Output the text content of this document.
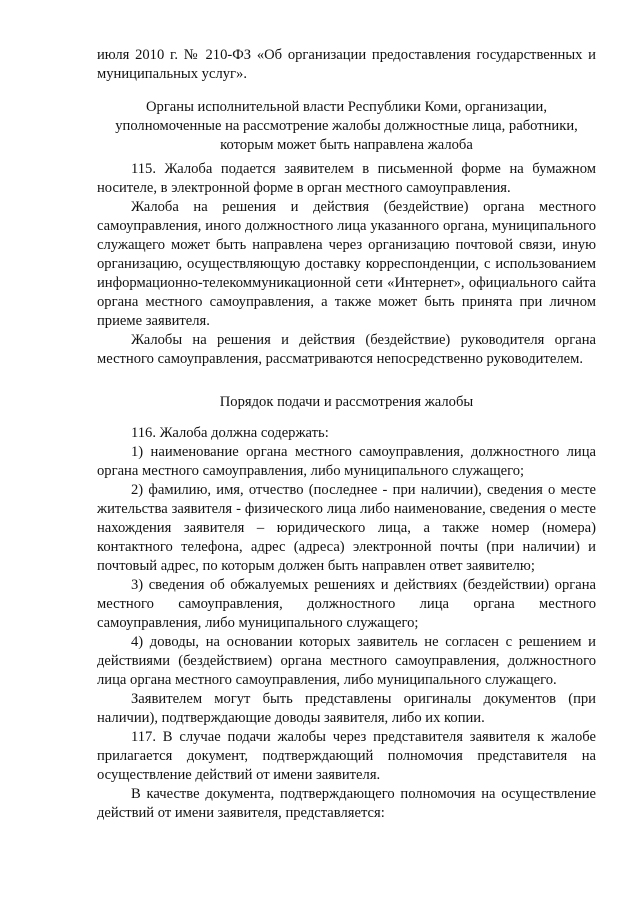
июля 2010 г. № 210-ФЗ «Об организации предоставления государственных и муниципальных услуг».

Органы исполнительной власти Республики Коми, организации,

уполномоченные на рассмотрение жалобы должностные лица, работники,

которым может быть направлена жалоба

115. Жалоба подается заявителем в письменной форме на бумажном носителе, в электронной форме в орган местного самоуправления.

Жалоба на решения и действия (бездействие) органа местного самоуправления, иного должностного лица указанного органа, муниципального служащего может быть направлена через организацию почтовой связи, иную организацию, осуществляющую доставку корреспонденции, с использованием информационно-телекоммуникационной сети «Интернет», официального сайта органа местного самоуправления, а также может быть принята при личном приеме заявителя.

Жалобы на решения и действия (бездействие) руководителя органа местного самоуправления, рассматриваются непосредственно руководителем.

Порядок подачи и рассмотрения жалобы

116. Жалоба должна содержать:

1) наименование органа местного самоуправления, должностного лица органа местного самоуправления, либо муниципального служащего;

2) фамилию, имя, отчество (последнее - при наличии), сведения о месте жительства заявителя - физического лица либо наименование, сведения о месте нахождения заявителя – юридического лица, а также номер (номера) контактного телефона, адрес (адреса) электронной почты (при наличии) и почтовый адрес, по которым должен быть направлен ответ заявителю;

3) сведения об обжалуемых решениях и действиях (бездействии) органа местного самоуправления, должностного лица органа местного самоуправления, либо муниципального служащего;

4) доводы, на основании которых заявитель не согласен с решением и действиями (бездействием) органа местного самоуправления, должностного лица органа местного самоуправления, либо муниципального служащего.

Заявителем могут быть представлены оригиналы документов (при наличии), подтверждающие доводы заявителя, либо их копии.

117. В случае подачи жалобы через представителя заявителя к жалобе прилагается документ, подтверждающий полномочия представителя на осуществление действий от имени заявителя.

В качестве документа, подтверждающего полномочия на осуществление действий от имени заявителя, представляется:
